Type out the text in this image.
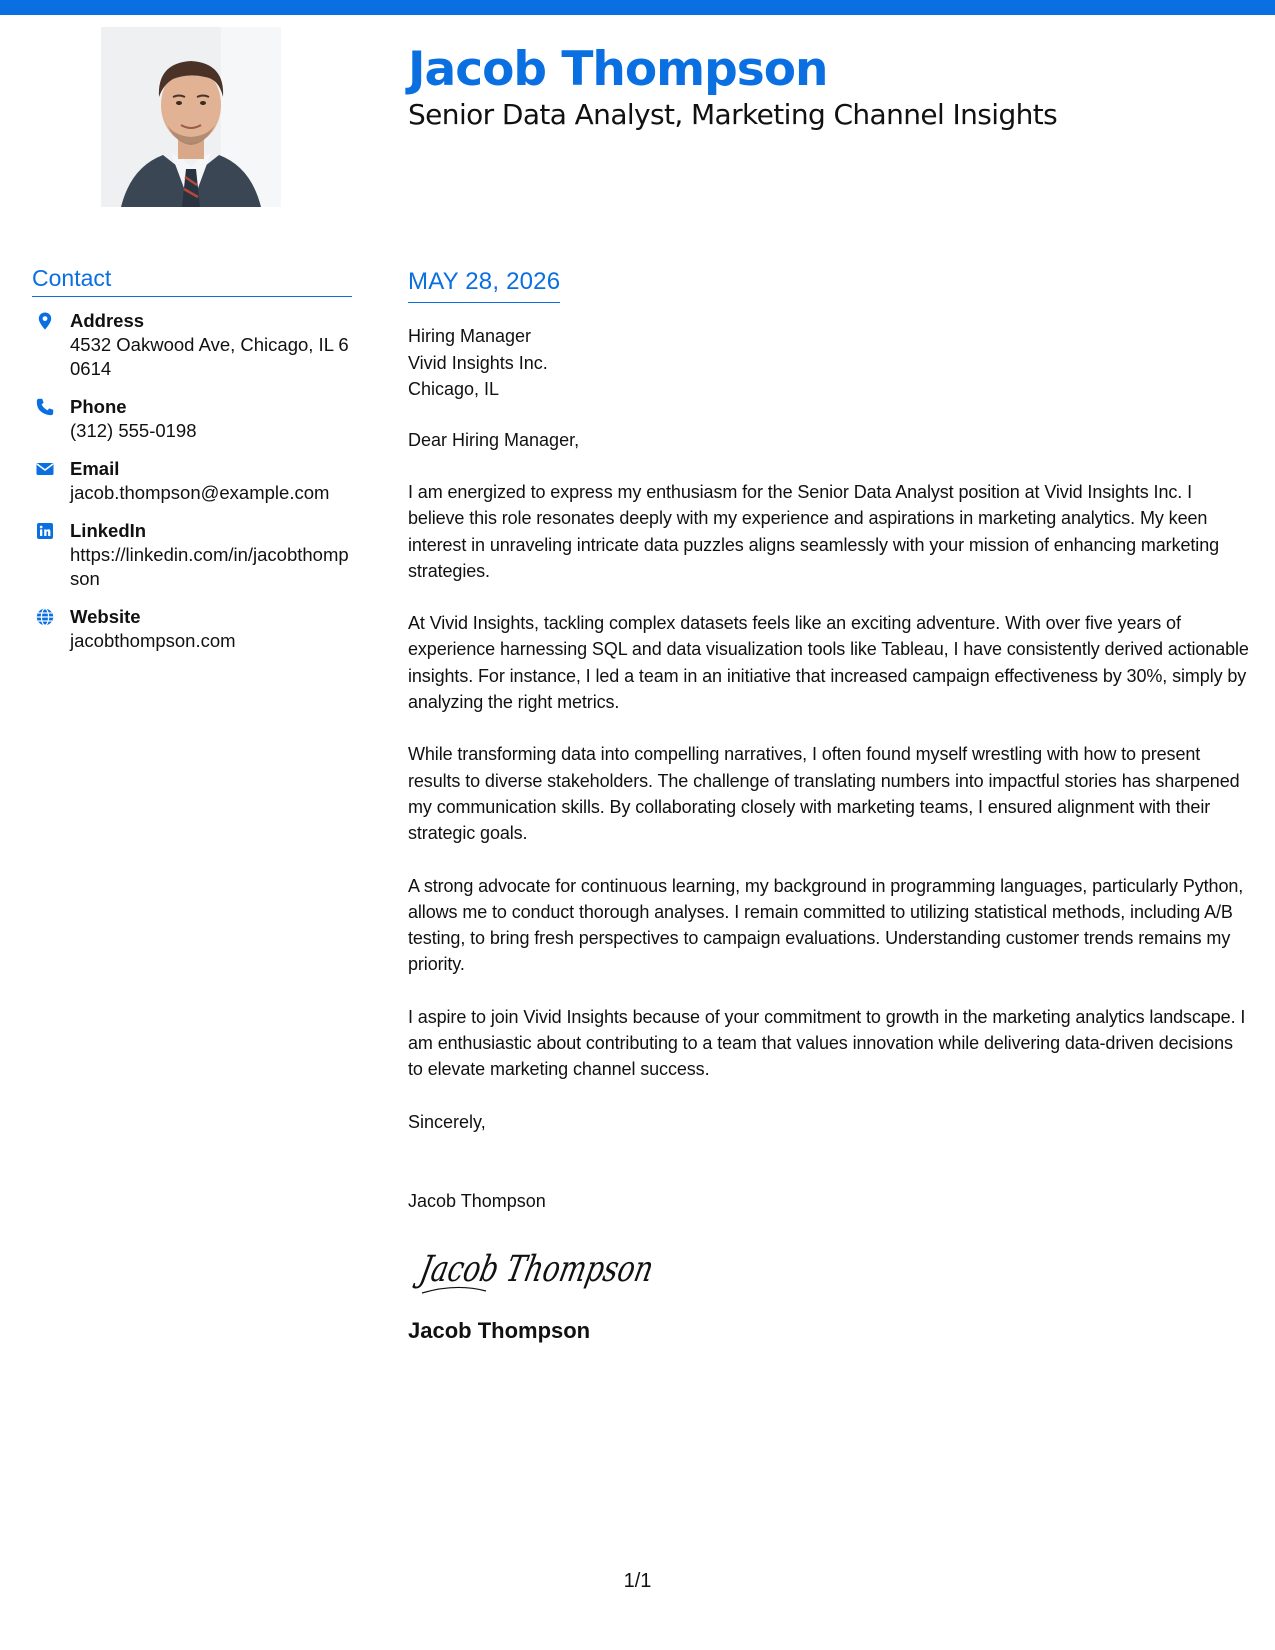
Jacob Thompson
Senior Data Analyst, Marketing Channel Insights
Contact
Address
4532 Oakwood Ave, Chicago, IL 60614
Phone
(312) 555-0198
Email
jacob.thompson@example.com
LinkedIn
https://linkedin.com/in/jacobthompson
Website
jacobthompson.com
MAY 28, 2026
Hiring Manager
Vivid Insights Inc.
Chicago, IL
Dear Hiring Manager,

I am energized to express my enthusiasm for the Senior Data Analyst position at Vivid Insights Inc. I believe this role resonates deeply with my experience and aspirations in marketing analytics. My keen interest in unraveling intricate data puzzles aligns seamlessly with your mission of enhancing marketing strategies.

At Vivid Insights, tackling complex datasets feels like an exciting adventure. With over five years of experience harnessing SQL and data visualization tools like Tableau, I have consistently derived actionable insights. For instance, I led a team in an initiative that increased campaign effectiveness by 30%, simply by analyzing the right metrics.

While transforming data into compelling narratives, I often found myself wrestling with how to present results to diverse stakeholders. The challenge of translating numbers into impactful stories has sharpened my communication skills. By collaborating closely with marketing teams, I ensured alignment with their strategic goals.

A strong advocate for continuous learning, my background in programming languages, particularly Python, allows me to conduct thorough analyses. I remain committed to utilizing statistical methods, including A/B testing, to bring fresh perspectives to campaign evaluations. Understanding customer trends remains my priority.

I aspire to join Vivid Insights because of your commitment to growth in the marketing analytics landscape. I am enthusiastic about contributing to a team that values innovation while delivering data-driven decisions to elevate marketing channel success.

Sincerely,
Jacob Thompson
Jacob Thompson
Jacob Thompson
1/1
